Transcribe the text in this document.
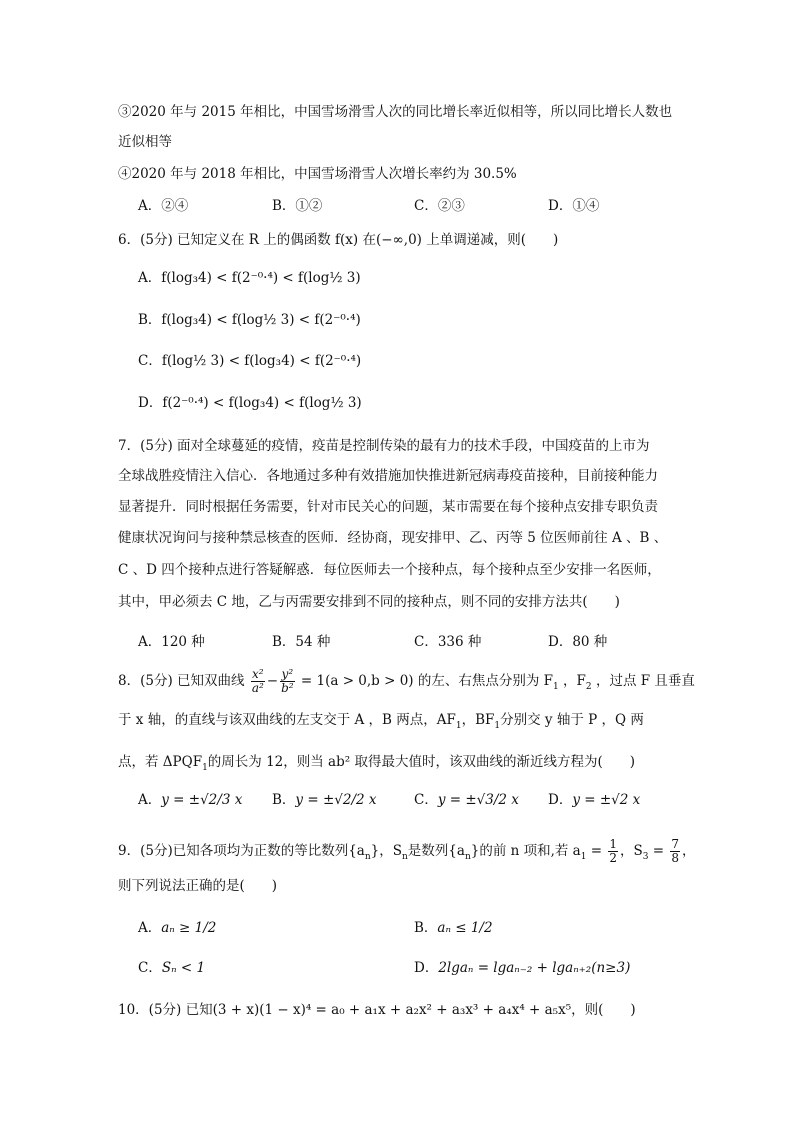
③2020 年与 2015 年相比，中国雪场滑雪人次的同比增长率近似相等，所以同比增长人数也
近似相等
④2020 年与 2018 年相比，中国雪场滑雪人次增长率约为 30.5%
A．②④	B．①②	C．②③	D．①④
6．(5分) 已知定义在 R 上的偶函数 f(x) 在(−∞,0) 上单调递减，则(　　)
A．f(log₃4) < f(2⁻⁰·⁴) < f(log½ 3)
B．f(log₃4) < f(log½ 3) < f(2⁻⁰·⁴)
C．f(log½ 3) < f(log₃4) < f(2⁻⁰·⁴)
D．f(2⁻⁰·⁴) < f(log₃4) < f(log½ 3)
7．(5分) 面对全球蔓延的疫情，疫苗是控制传染的最有力的技术手段，中国疫苗的上市为
全球战胜疫情注入信心．各地通过多种有效措施加快推进新冠病毒疫苗接种，目前接种能力
显著提升．同时根据任务需要，针对市民关心的问题，某市需要在每个接种点安排专职负责
健康状况询问与接种禁忌核查的医师．经协商，现安排甲、乙、丙等 5 位医师前往 A 、B 、
C 、D 四个接种点进行答疑解惑．每位医师去一个接种点，每个接种点至少安排一名医师，
其中，甲必须去 C 地，乙与丙需要安排到不同的接种点，则不同的安排方法共(　　)
A．120 种	B．54 种	C．336 种	D．80 种
8．(5分) 已知双曲线 $\frac{\text{x²}}{\text{a²}} - \frac{\text{y²}}{\text{b²}} = 1(a > 0,b > 0)$ 的左、右焦点分别为 $F_1$ ，$F_2$ ，过点 F 且垂直
于 x 轴，的直线与该双曲线的左支交于 A ，B 两点，$AF_1$，$BF_1$分别交 y 轴于 P ，Q 两
点，若 $\Delta PQF_1$的周长为 12，则当 ab² 取得最大值时，该双曲线的渐近线方程为(　　)
A．y = ±√2/3 x B．y = ±√2/2 x	C．y = ±√3/2 x D．y = ±√2 x
9．(5分)已知各项均为正数的等比数列$\{a_n\}$，$S_n$是数列$\{a_n\}$的前 n 项和,若 $a_1 = \frac{1}{2}$ ，$S_3 = \frac{7}{8}$ ，
则下列说法正确的是(　　)
A．aₙ ≥ 1/2	B．aₙ ≤ 1/2
C．Sₙ < 1	D．2lgaₙ = lgaₙ₋₂ + lgaₙ₊₂(n≥3)
10．(5分) 已知(3 + x)(1 − x)⁴ = a₀ + a₁x + a₂x² + a₃x³ + a₄x⁴ + a₅x⁵，则(　　)
